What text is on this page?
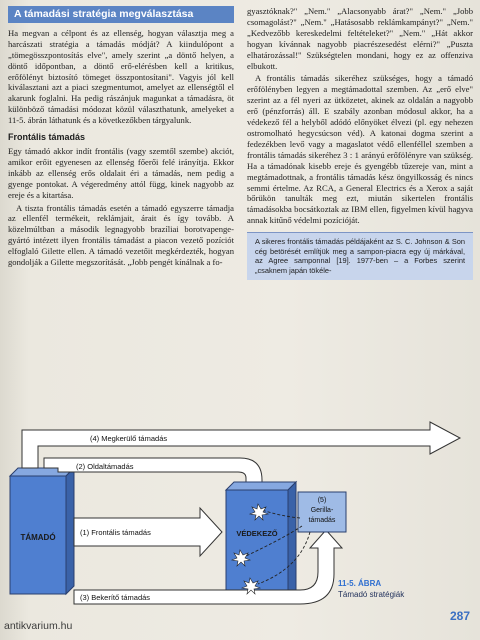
A támadási stratégia megválasztása

Ha megvan a célpont és az ellenség, hogyan választja meg a harcászati stratégia a támadás módját? A kiindulópont a „tömegösszpontosítás elve", amely szerint „a döntő helyen, a döntő időpontban, a döntő erő-elérésben kell a kritikus, erőfölényt biztosító tömeget összpontosítani". Vagyis jól kell kiválasztani azt a piaci szegmentumot, amelyet az ellenségtől el akarunk foglalni. Ha pedig rászánjuk magunkat a támadásra, öt különböző támadási módozat közül választhatunk, amelyeket a 11-5. ábrán láthatunk és a következőkben tárgyalunk.

Frontális támadás

Egy támadó akkor indít frontális (vagy szemtől szembe) akciót, amikor erőit egyenesen az ellenség főerői felé irányítja. Ekkor inkább az ellenség erős oldalait éri a támadás, nem pedig a gyenge pontokat. A végeredmény attól függ, kinek nagyobb az ereje és a kitartása.

A tiszta frontális támadás esetén a támadó egyszerre támadja az ellenfél termékeit, reklámjait, árait és így tovább. A közelmúltban a második legnagyobb brazíliai borotvapenge-gyártó intézett ilyen frontális támadást a piacon vezető pozíciót elfoglaló Gilette ellen. A támadó vezetőit megkérdezték, hogyan gondolják a Gilette megszorítását. „Jobb pengét kínálnak a fo-

gyasztóknak?" „Nem." „Alacsonyabb árat?" „Nem." „Jobb csomagolást?" „Nem." „Hatásosabb reklámkampányt?" „Nem." „Kedvezőbb kereskedelmi feltételeket?" „Nem." „Hát akkor hogyan kívánnak nagyobb piacrészesedést elérni?" „Puszta elhatározással!" Szükségtelen mondani, hogy ez az offenziva elbukott.

A frontális támadás sikeréhez szükséges, hogy a támadó erőfölényben legyen a megtámadottal szemben. Az „erő elve" szerint az a fél nyeri az ütközetet, akinek az oldalán a nagyobb erő (pénzforrás) áll. E szabály azonban módosul akkor, ha a védekező fél a helyből adódó előnyöket élvezi (pl. egy nehezen ostromolható hegycsúcson véd). A katonai dogma szerint a fedezékben levő vagy a magaslatot védő ellenféllel szemben a frontális támadás sikeréhez 3 : 1 arányú erőfölényre van szükség. Ha a támadónak kisebb ereje és gyengébb tűzereje van, mint a megtámadottnak, a frontális támadás kész öngyilkosság és nincs semmi értelme. Az RCA, a General Electrics és a Xerox a saját bőrükön tanulták meg ezt, miután sikertelen frontális támadásokba bocsátkoztak az IBM ellen, figyelmen kívül hagyva annak kitűnő védelmi pozícióját.

A sikeres frontális támadás példájaként az S. C. Johnson & Son cég betörését említjük meg a sampon-piacra egy új márkával, az Agree samponnal [19]. 1977-ben – a Forbes szerint „csaknem japán tökéle-
TÁMADÓ
(4) Megkerülő támadás
(2) Oldaltámadás
VÉDEKEZŐ
(1) Frontális támadás
(3) Bekerítő támadás
(5)
Gerilla-
támadás
11-5. ÁBRA
Támadó stratégiák
287
antikvarium.hu
